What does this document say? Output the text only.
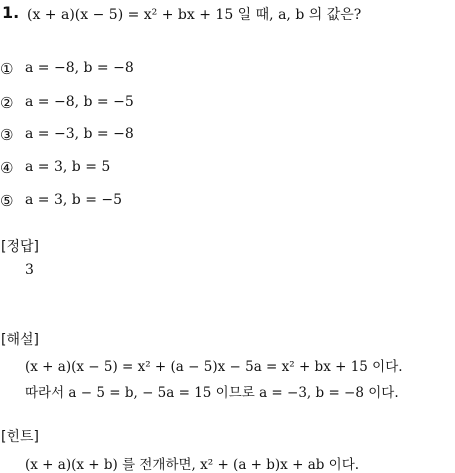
1. (x + a)(x − 5) = x² + bx + 15 일 때, a, b 의 값은?
① a = −8, b = −8
② a = −8, b = −5
③ a = −3, b = −8
④ a = 3, b = 5
⑤ a = 3, b = −5
[정답]
3
[해설]
(x + a)(x − 5) = x² + (a − 5)x − 5a = x² + bx + 15 이다.
따라서 a − 5 = b, − 5a = 15 이므로 a = −3, b = −8 이다.
[힌트]
(x + a)(x + b) 를 전개하면, x² + (a + b)x + ab 이다.
